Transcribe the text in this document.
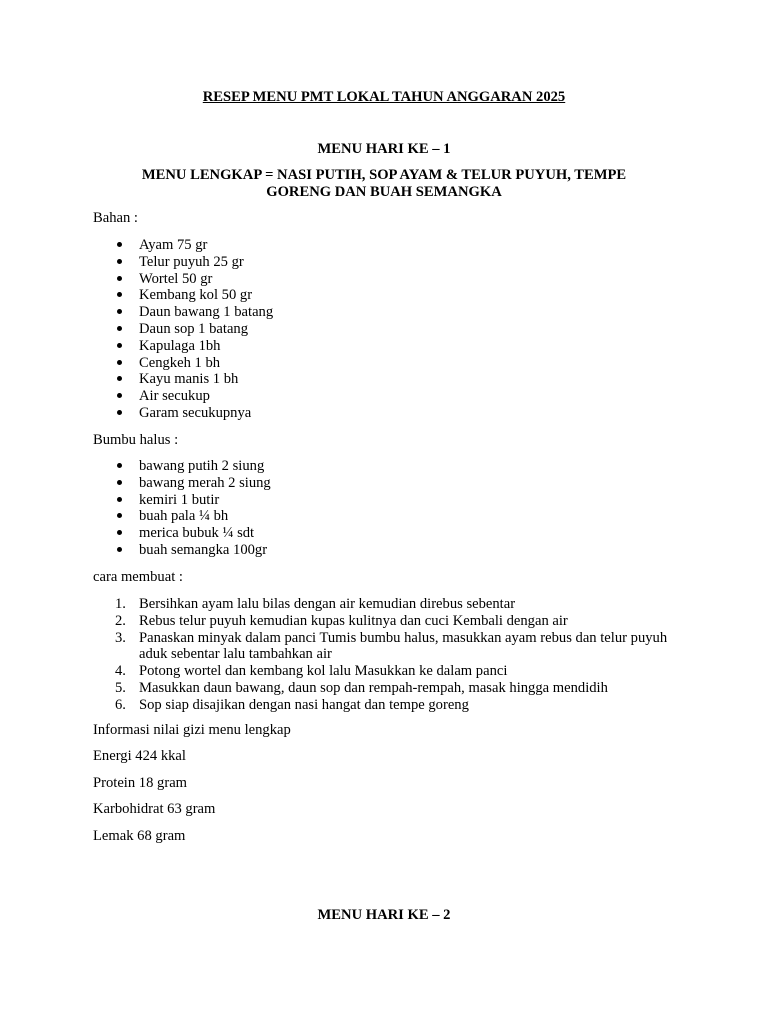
RESEP MENU PMT LOKAL TAHUN ANGGARAN 2025
MENU HARI KE – 1
MENU LENGKAP = NASI PUTIH, SOP AYAM & TELUR PUYUH, TEMPE
GORENG DAN BUAH SEMANGKA
Bahan :
Ayam 75 gr
Telur puyuh 25 gr
Wortel 50 gr
Kembang kol 50 gr
Daun bawang 1 batang
Daun sop 1 batang
Kapulaga 1bh
Cengkeh 1 bh
Kayu manis 1 bh
Air secukup
Garam secukupnya
Bumbu halus :
bawang putih 2 siung
bawang merah 2 siung
kemiri 1 butir
buah pala ¼ bh
merica bubuk ¼ sdt
buah semangka 100gr
cara membuat :
1. Bersihkan ayam lalu bilas dengan air kemudian direbus sebentar
2. Rebus telur puyuh kemudian kupas kulitnya dan cuci Kembali dengan air
3. Panaskan minyak dalam panci Tumis bumbu halus, masukkan ayam rebus dan telur puyuh aduk sebentar lalu tambahkan air
4. Potong wortel dan kembang kol lalu Masukkan ke dalam panci
5. Masukkan daun bawang, daun sop dan rempah-rempah, masak hingga mendidih
6. Sop siap disajikan dengan nasi hangat dan tempe goreng
Informasi nilai gizi menu lengkap
Energi 424 kkal
Protein 18 gram
Karbohidrat 63 gram
Lemak 68 gram
MENU HARI KE – 2
